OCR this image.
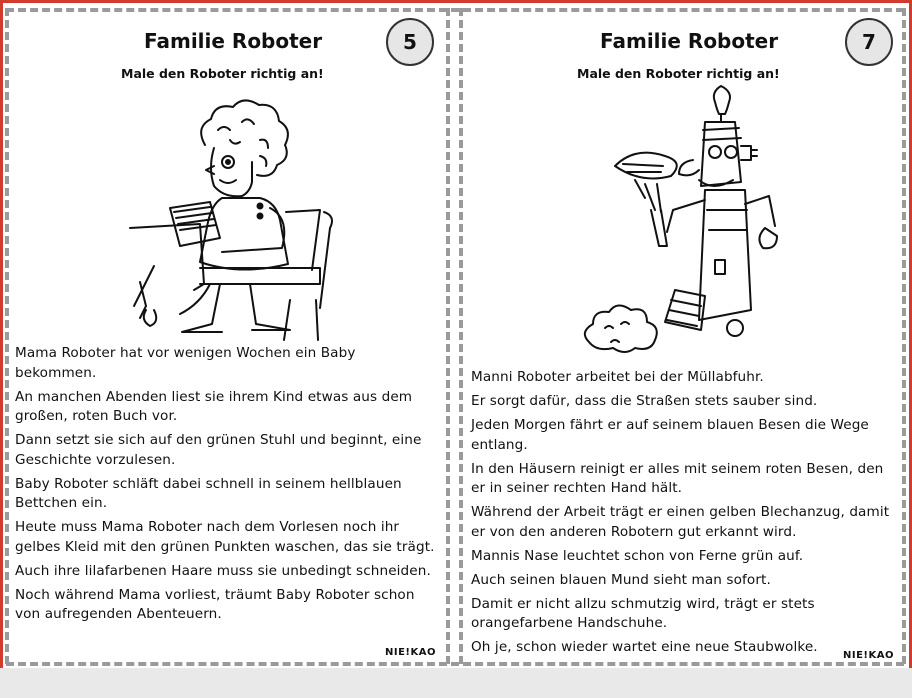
Familie Roboter	5
Male den Roboter richtig an!

Mama Roboter hat vor wenigen Wochen ein Baby bekommen.

An manchen Abenden liest sie ihrem Kind etwas aus dem großen, roten Buch vor.

Dann setzt sie sich auf den grünen Stuhl und beginnt, eine Geschichte vorzulesen.

Baby Roboter schläft dabei schnell in seinem hellblauen Bettchen ein.

Heute muss Mama Roboter nach dem Vorlesen noch ihr gelbes Kleid mit den grünen Punkten waschen, das sie trägt.

Auch ihre lilafarbenen Haare muss sie unbedingt schneiden.

Noch während Mama vorliest, träumt Baby Roboter schon von aufregenden Abenteuern.

NIE!KAO
Familie Roboter	7
Male den Roboter richtig an!

Manni Roboter arbeitet bei der Müllabfuhr.

Er sorgt dafür, dass die Straßen stets sauber sind.

Jeden Morgen fährt er auf seinem blauen Besen die Wege entlang.

In den Häusern reinigt er alles mit seinem roten Besen, den er in seiner rechten Hand hält.

Während der Arbeit trägt er einen gelben Blechanzug, damit er von den anderen Robotern gut erkannt wird.

Mannis Nase leuchtet schon von Ferne grün auf.

Auch seinen blauen Mund sieht man sofort.

Damit er nicht allzu schmutzig wird, trägt er stets orangefarbene Handschuhe.

Oh je, schon wieder wartet eine neue Staubwolke.

NIE!KAO
